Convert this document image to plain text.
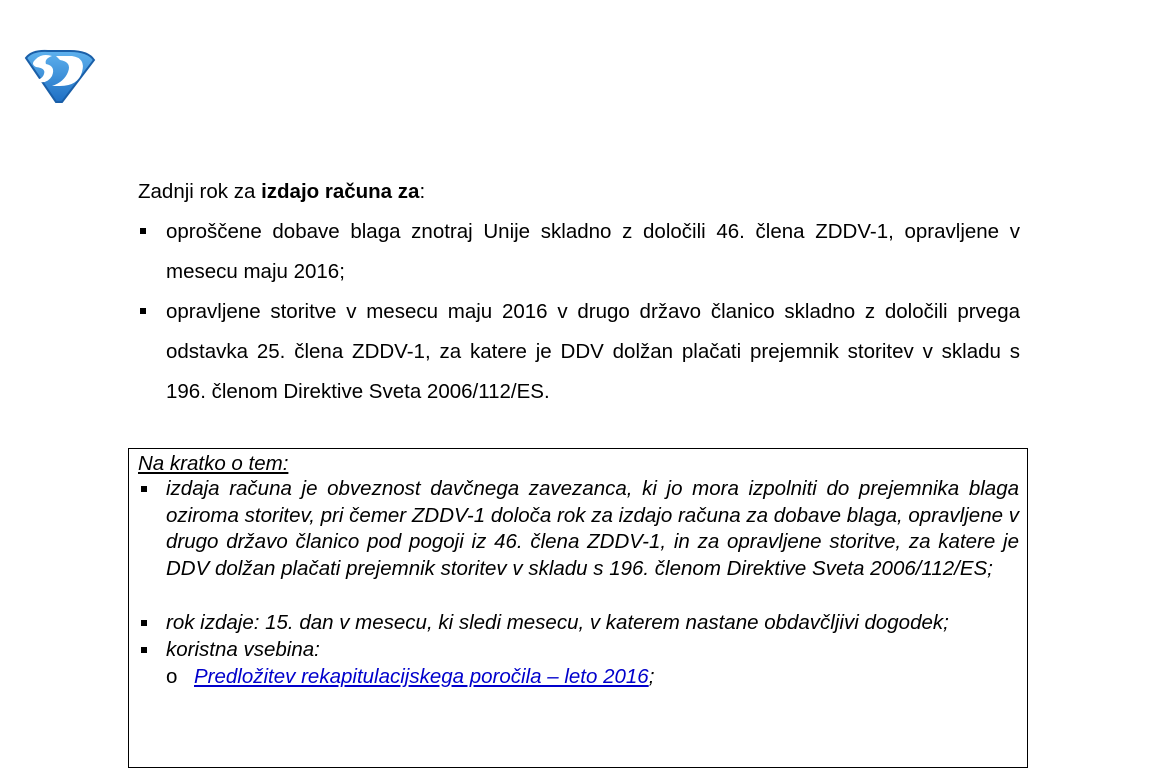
Zadnji rok za izdajo računa za:

oproščene dobave blaga znotraj Unije skladno z določili 46. člena ZDDV-1, opravljene v mesecu maju 2016;
opravljene storitve v mesecu maju 2016 v drugo državo članico skladno z določili prvega odstavka 25. člena ZDDV-1, za katere je DDV dolžan plačati prejemnik storitev v skladu s 196. členom Direktive Sveta 2006/112/ES.

Na kratko o tem:

izdaja računa je obveznost davčnega zavezanca, ki jo mora izpolniti do prejemnika blaga oziroma storitev, pri čemer ZDDV-1 določa rok za izdajo računa za dobave blaga, opravljene v drugo državo članico pod pogoji iz 46. člena ZDDV-1, in za opravljene storitve, za katere je DDV dolžan plačati prejemnik storitev v skladu s 196. členom Direktive Sveta 2006/112/ES;
rok izdaje: 15. dan v mesecu, ki sledi mesecu, v katerem nastane obdavčljivi dogodek;
koristna vsebina:
o Predložitev rekapitulacijskega poročila – leto 2016;
